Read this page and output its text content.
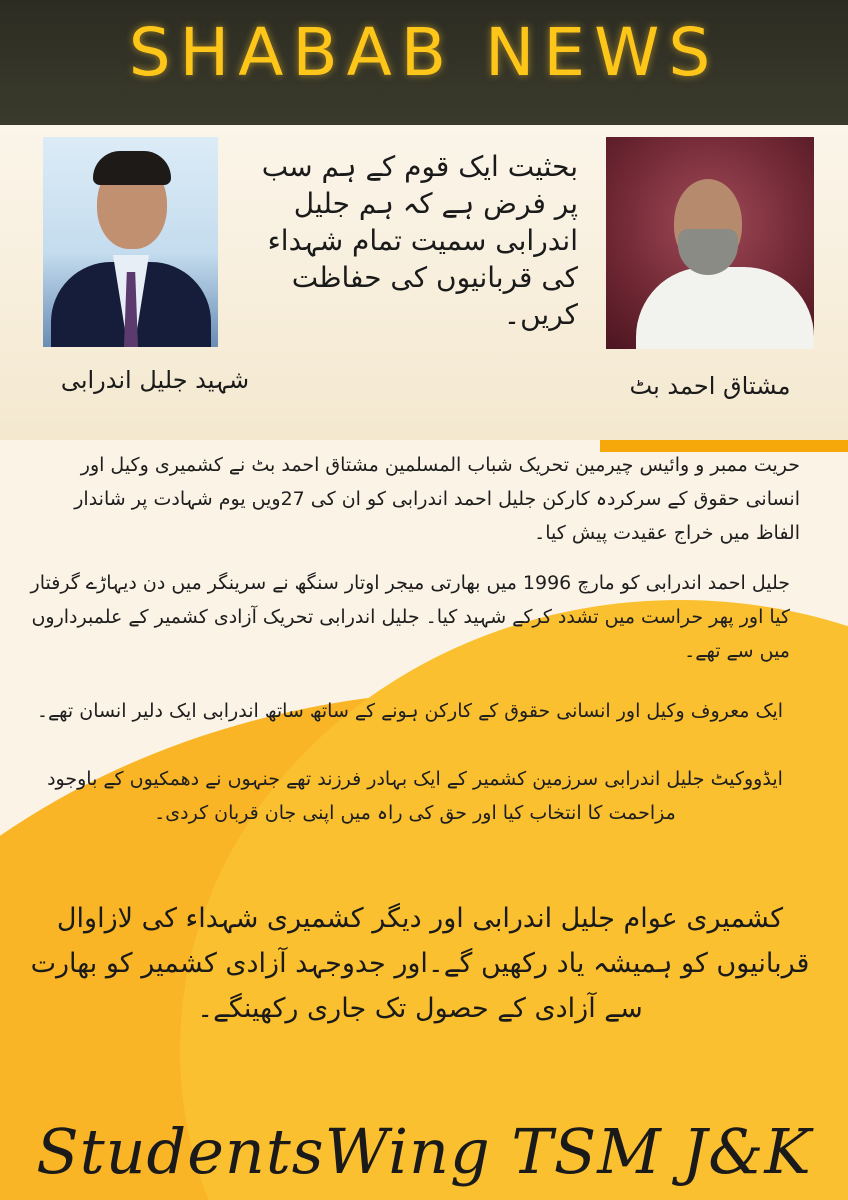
SHABAB NEWS
بحثیت ایک قوم کے ہم سب پر فرض ہے کہ ہم جلیل اندرابی سمیت تمام شہداء کی قربانیوں کی حفاظت کریں۔
شہید جلیل اندرابی	مشتاق احمد بٹ
حریت ممبر و وائیس چیرمین تحریک شباب المسلمین مشتاق احمد بٹ نے کشمیری وکیل اور انسانی حقوق کے سرکردہ کارکن جلیل احمد اندرابی کو ان کی 27ویں یوم شہادت پر شاندار الفاظ میں خراج عقیدت پیش کیا۔
جلیل احمد اندرابی کو مارچ 1996 میں بھارتی میجر اوتار سنگھ نے سرینگر میں دن دیہاڑے گرفتار کیا اور پھر حراست میں تشدد کرکے شہید کیا۔ جلیل اندرابی تحریک آزادی کشمیر کے علمبرداروں میں سے تھے۔
ایک معروف وکیل اور انسانی حقوق کے کارکن ہونے کے ساتھ ساتھ اندرابی ایک دلیر انسان تھے۔
ایڈووکیٹ جلیل اندرابی سرزمین کشمیر کے ایک بہادر فرزند تھے جنہوں نے دھمکیوں کے باوجود مزاحمت کا انتخاب کیا اور حق کی راہ میں اپنی جان قربان کردی۔
کشمیری عوام جلیل اندرابی اور دیگر کشمیری شہداء کی لازاوال قربانیوں کو ہمیشہ یاد رکھیں گے۔اور جدوجہد آزادی کشمیر کو بھارت سے آزادی کے حصول تک جاری رکھینگے۔
StudentsWing TSM J&K
